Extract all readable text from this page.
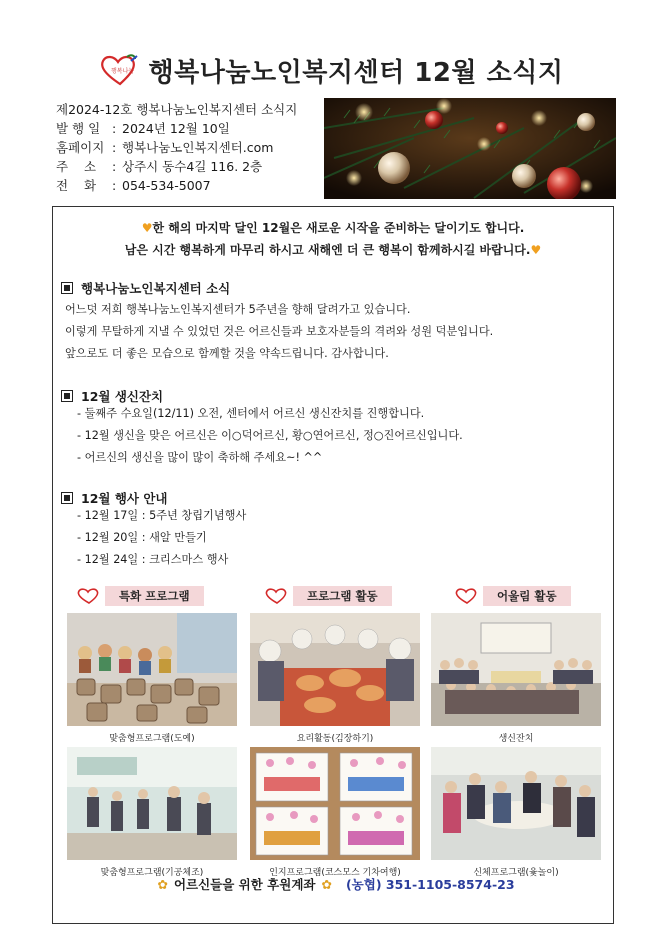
행복나눔 행복나눔노인복지센터 12월 소식지
제2024-12호 행복나눔노인복지센터 소식지
발 행 일 : 2024년 12월 10일
홈페이지 : 행복나눔노인복지센터.com
주    소	: 상주시 동수4길 116. 2층
전    화	: 054-534-5007
♥한 해의 마지막 달인 12월은 새로운 시작을 준비하는 달이기도 합니다.
남은 시간 행복하게 마무리 하시고 새해엔 더 큰 행복이 함께하시길 바랍니다.♥
행복나눔노인복지센터 소식
어느덧 저희 행복나눔노인복지센터가 5주년을 향해 달려가고 있습니다.
이렇게 무탈하게 지낼 수 있었던 것은 어르신들과 보호자분들의 격려와 성원 덕분입니다.
앞으로도 더 좋은 모습으로 함께할 것을 약속드립니다. 감사합니다.
12월 생신잔치
- 둘째주 수요일(12/11) 오전, 센터에서 어르신 생신잔치를 진행합니다.
- 12월 생신을 맞은 어르신은 이○덕어르신, 황○연어르신, 정○진어르신입니다.
- 어르신의 생신을 많이 많이 축하해 주세요~! ^^
12월 행사 안내
- 12월 17일 : 5주년 창립기념행사
- 12월 20일 : 새알 만들기
- 12월 24일 : 크리스마스 행사
특화 프로그램	프로그램 활동	어울림 활동
맞춤형프로그램(도예)	요리활동(김장하기)	생신잔치
맞춤형프로그램(기공체조)	인지프로그램(코스모스 기차여행)	신체프로그램(윷놀이)
✿ 어르신들을 위한 후원계좌 ✿ (농협) 351-1105-8574-23
